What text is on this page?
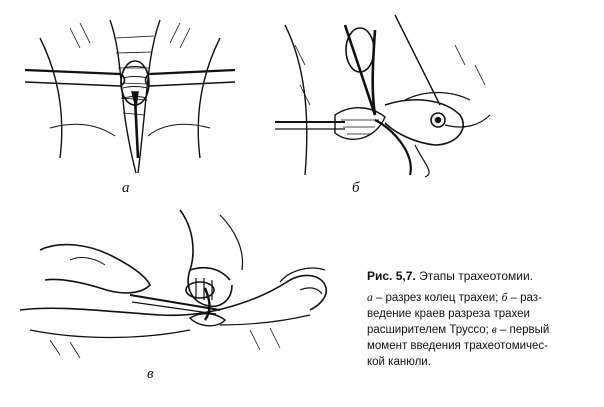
а	б
в
Рис. 5,7. Этапы трахеотомии.
а – разрез колец трахеи; б – раз-
ведение краев разреза трахеи
расширителем Труссо; в – первый
момент введения трахеотомичес-
кой канюли.
